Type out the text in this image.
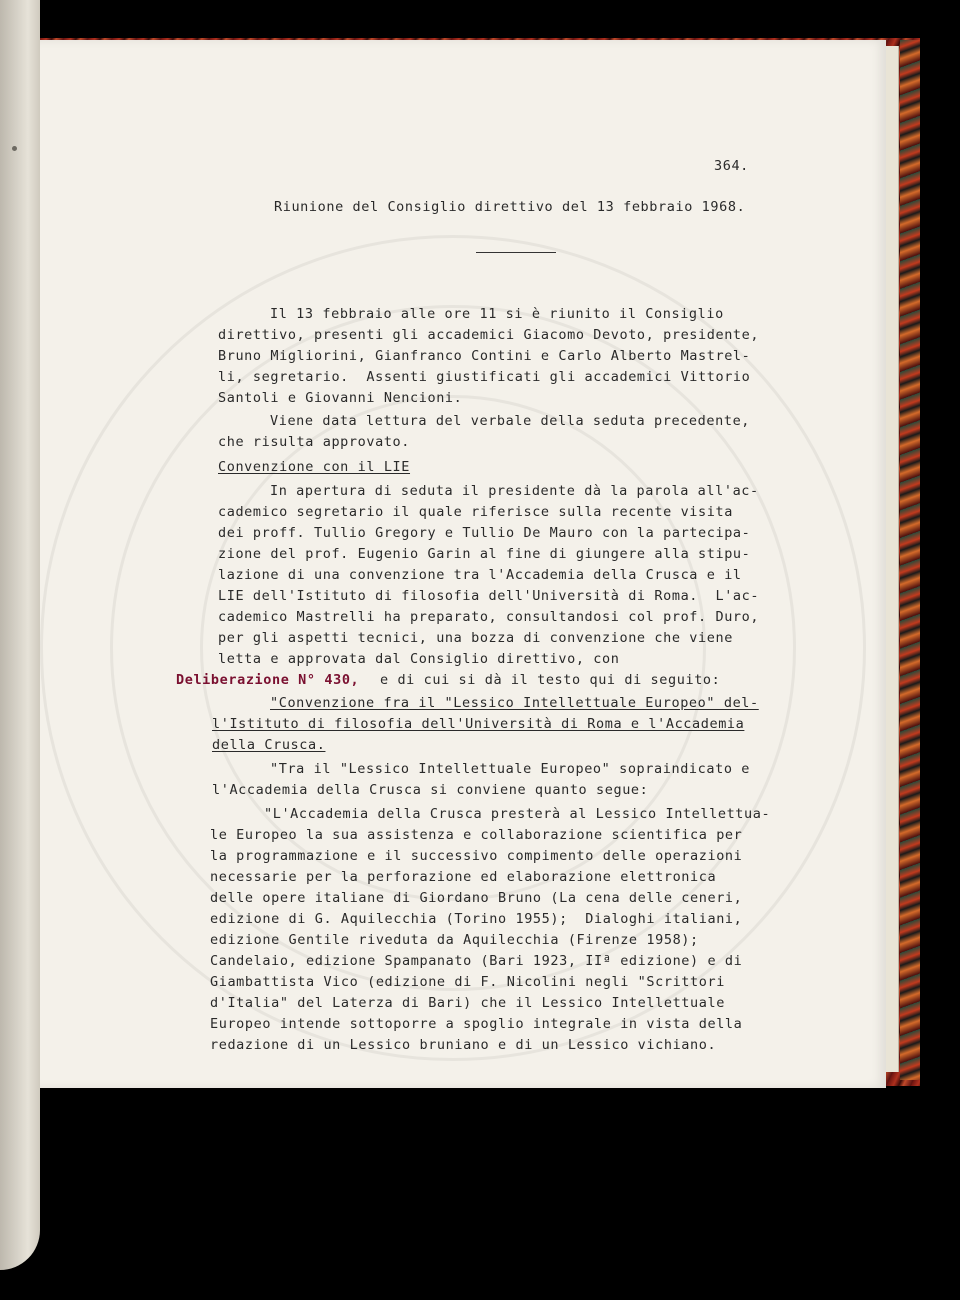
364.
Riunione del Consiglio direttivo del 13 febbraio 1968.
Il 13 febbraio alle ore 11 si è riunito il Consiglio
direttivo, presenti gli accademici Giacomo Devoto, presidente,
Bruno Migliorini, Gianfranco Contini e Carlo Alberto Mastrel-
li, segretario.  Assenti giustificati gli accademici Vittorio
Santoli e Giovanni Nencioni.
Viene data lettura del verbale della seduta precedente,
che risulta approvato.
Convenzione con il LIE
In apertura di seduta il presidente dà la parola all'ac-
cademico segretario il quale riferisce sulla recente visita
dei proff. Tullio Gregory e Tullio De Mauro con la partecipa-
zione del prof. Eugenio Garin al fine di giungere alla stipu-
lazione di una convenzione tra l'Accademia della Crusca e il
LIE dell'Istituto di filosofia dell'Università di Roma.  L'ac-
cademico Mastrelli ha preparato, consultandosi col prof. Duro,
per gli aspetti tecnici, una bozza di convenzione che viene
letta e approvata dal Consiglio direttivo, con
Deliberazione N° 430, e di cui si dà il testo qui di seguito:
"Convenzione fra il "Lessico Intellettuale Europeo" del-
l'Istituto di filosofia dell'Università di Roma e l'Accademia
della Crusca.
"Tra il "Lessico Intellettuale Europeo" sopraindicato e
l'Accademia della Crusca si conviene quanto segue:
"L'Accademia della Crusca presterà al Lessico Intellettua-
le Europeo la sua assistenza e collaborazione scientifica per
la programmazione e il successivo compimento delle operazioni
necessarie per la perforazione ed elaborazione elettronica
delle opere italiane di Giordano Bruno (La cena delle ceneri,
edizione di G. Aquilecchia (Torino 1955);  Dialoghi italiani,
edizione Gentile riveduta da Aquilecchia (Firenze 1958);
Candelaio, edizione Spampanato (Bari 1923, IIª edizione) e di
Giambattista Vico (edizione di F. Nicolini negli "Scrittori
d'Italia" del Laterza di Bari) che il Lessico Intellettuale
Europeo intende sottoporre a spoglio integrale in vista della
redazione di un Lessico bruniano e di un Lessico vichiano.
